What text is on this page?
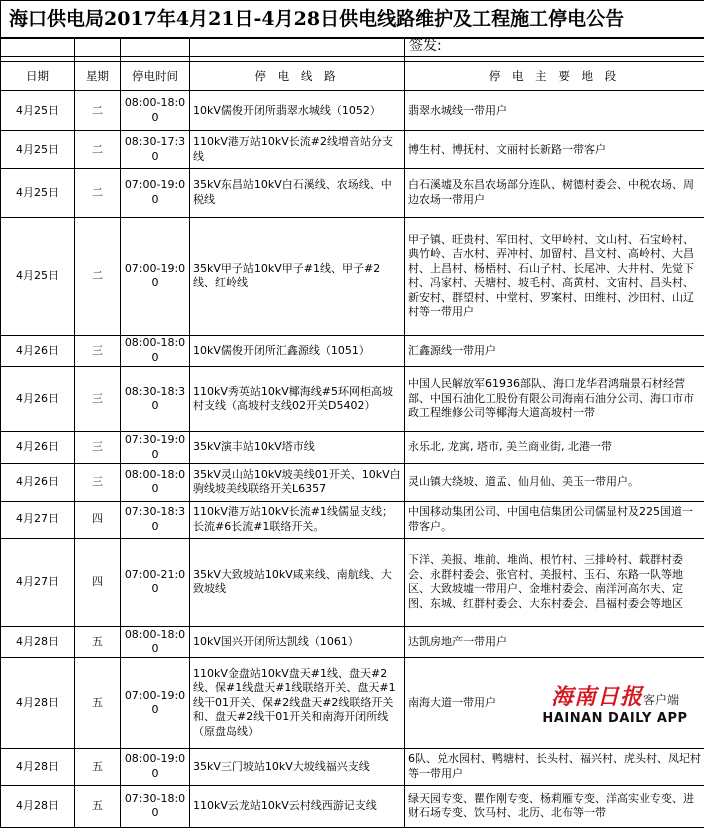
海口供电局2017年4月21日-4月28日供电线路维护及工程施工停电公告				
				签发:

日期	星期	停电时间	停 电 线 路	停 电 主 要 地 段
4月25日	二	08:00-18:00	10kV儒俊开闭所翡翠水城线（1052）	翡翠水城线一带用户
4月25日	二	08:30-17:30	110kV港万站10kV长流#2线增音站分支线	博生村、博抚村、文丽村长新路一带客户
4月25日	二	07:00-19:00	35kV东昌站10kV白石溪线、农场线、中税线	白石溪墟及东昌农场部分连队、树德村委会、中税农场、周边农场一带用户
4月25日	二	07:00-19:00	35kV甲子站10kV甲子#1线、甲子#2线、红岭线	甲子镇、旺贵村、军田村、文甲岭村、文山村、石宝岭村、典竹岭、吉水村、弄冲村、加留村、昌文村、高岭村、大昌村、上昌村、杨梧村、石山子村、长尾冲、大井村、先觉下村、冯家村、天塘村、坡毛村、高黄村、文宙村、昌头村、新安村、群望村、中堂村、罗案村、田维村、沙田村、山辽村等一带用户
4月26日	三	08:00-18:00	10kV儒俊开闭所汇鑫源线（1051）	汇鑫源线一带用户
4月26日	三	08:30-18:30	110kV秀英站10kV椰海线#5环网柜高坡村支线（高坡村支线02开关D5402）	中国人民解放军61936部队、海口龙华君鸿瑞景石材经营部、中国石油化工股份有限公司海南石油分公司、海口市市政工程维修公司等椰海大道高坡村一带
4月26日	三	07:30-19:00	35kV演丰站10kV塔市线	永乐北, 龙寓, 塔市, 美兰商业街, 北港一带
4月26日	三	08:00-18:00	35kV灵山站10kV坡美线01开关、10kV白驹线坡美线联络开关L6357	灵山镇大绕坡、道孟、仙月仙、美玉一带用户。
4月27日	四	07:30-18:30	110kV港万站10kV长流#1线儒显支线；长流#6长流#1联络开关。	中国移动集团公司、中国电信集团公司儒显村及225国道一带客户。
4月27日	四	07:00-21:00	35kV大致坡站10kV咸来线、南航线、大致坡线	下洋、美报、堆前、堆尚、根竹村、三排岭村、载群村委会、永群村委会、张官村、美报村、玉石、东路一队等地区、大致坡墟一带用户、金堆村委会、南洋河高尔夫、定图、东城、红群村委会、大东村委会、昌福村委会等地区
4月28日	五	08:00-18:00	10kV国兴开闭所达凯线（1061）	达凯房地产一带用户
4月28日	五	07:00-19:00	110kV金盘站10kV盘天#1线、盘天#2线、保#1线盘天#1线联络开关、盘天#1线干01开关、保#2线盘天#2线联络开关和、盘天#2线干01开关和南海开闭所线（原盘岛线）	南海大道一带用户
4月28日	五	08:00-19:00	35kV三门坡站10kV大坡线福兴支线	6队、兑水园村、鸭塘村、长头村、福兴村、虎头村、凤圮村等一带用户
4月28日	五	07:30-18:00	110kV云龙站10kV云村线西游记支线	绿天园专变、瞿作刚专变、杨莉雁专变、洋高实业专变、进财石场专变、饮马村、北历、北布等一带
海南日报客户端
HAINAN DAILY APP
